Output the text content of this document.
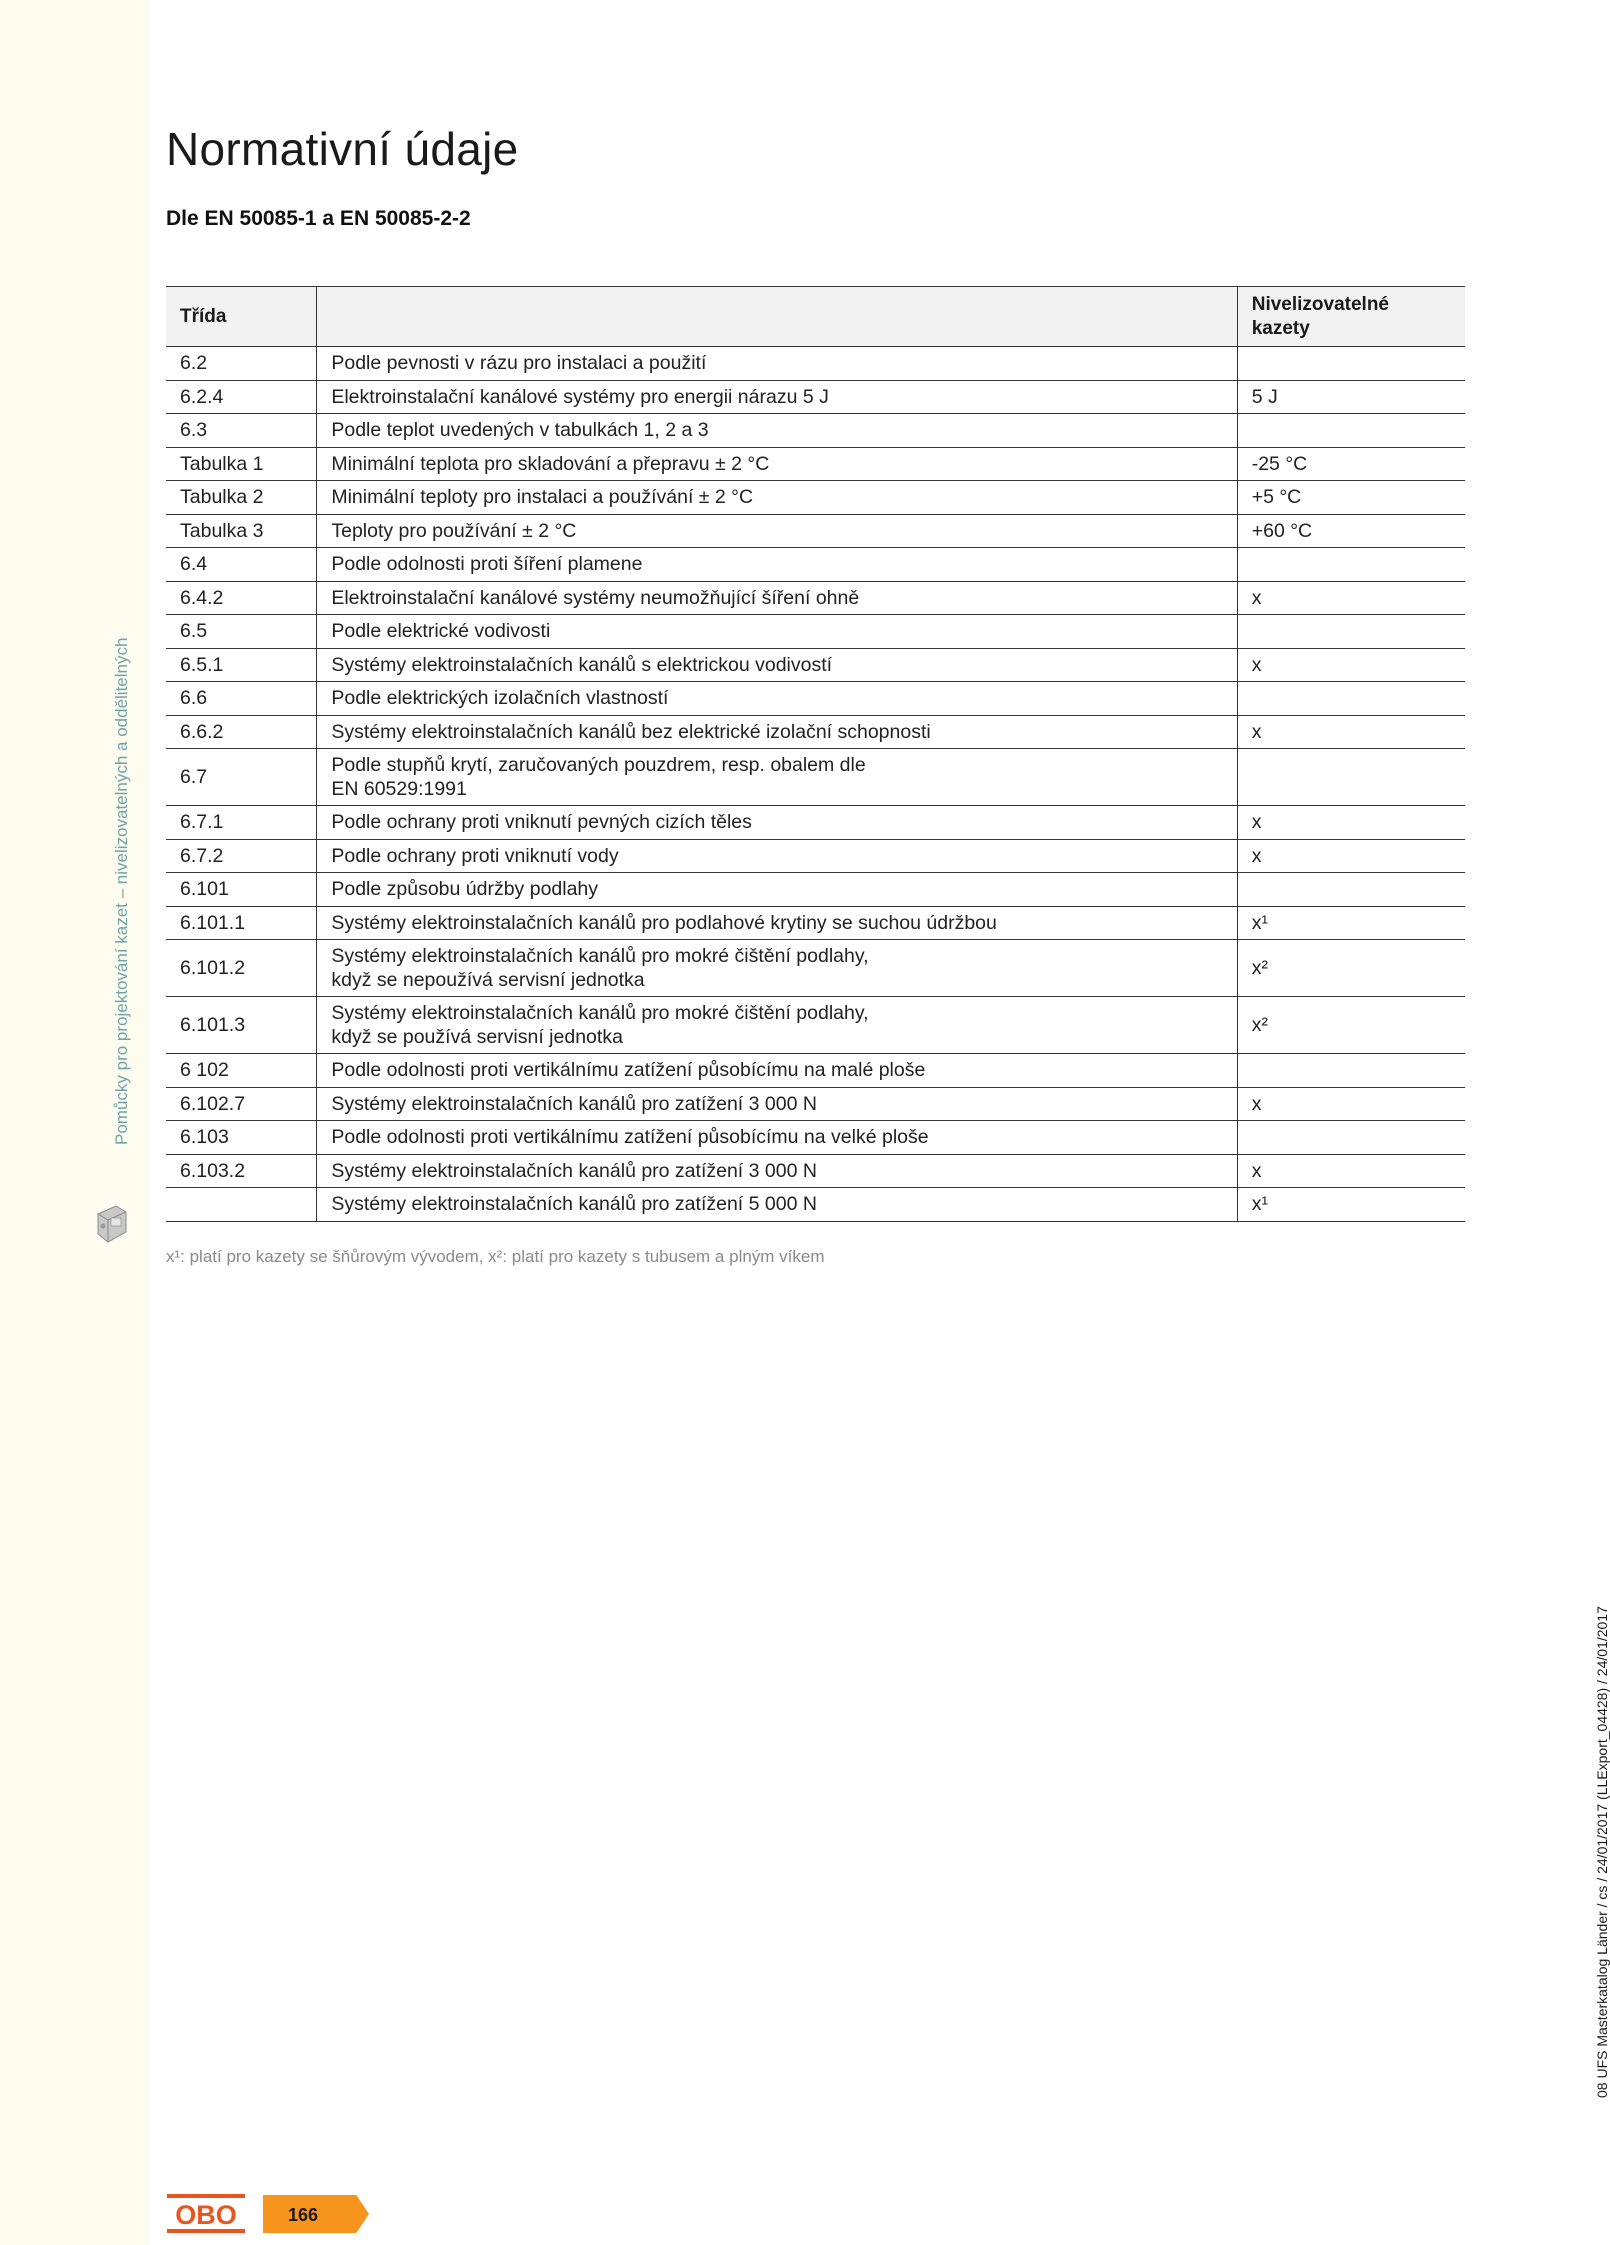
Pomůcky pro projektování kazet – nivelizovatelných a oddělitelných
08 UFS Masterkatalog Länder / cs / 24/01/2017 (LLExport_04428) / 24/01/2017
Normativní údaje
Dle EN 50085-1 a EN 50085-2-2
Třída		Nivelizovatelné kazety
6.2	Podle pevnosti v rázu pro instalaci a použití	
6.2.4	Elektroinstalační kanálové systémy pro energii nárazu 5 J	5 J
6.3	Podle teplot uvedených v tabulkách 1, 2 a 3	
Tabulka 1	Minimální teplota pro skladování a přepravu ± 2 °C	-25 °C
Tabulka 2	Minimální teploty pro instalaci a používání ± 2 °C	+5 °C
Tabulka 3	Teploty pro používání ± 2 °C	+60 °C
6.4	Podle odolnosti proti šíření plamene	
6.4.2	Elektroinstalační kanálové systémy neumožňující šíření ohně	x
6.5	Podle elektrické vodivosti	
6.5.1	Systémy elektroinstalačních kanálů s elektrickou vodivostí	x
6.6	Podle elektrických izolačních vlastností	
6.6.2	Systémy elektroinstalačních kanálů bez elektrické izolační schopnosti	x
6.7	Podle stupňů krytí, zaručovaných pouzdrem, resp. obalem dle
EN 60529:1991	
6.7.1	Podle ochrany proti vniknutí pevných cizích těles	x
6.7.2	Podle ochrany proti vniknutí vody	x
6.101	Podle způsobu údržby podlahy	
6.101.1	Systémy elektroinstalačních kanálů pro podlahové krytiny se suchou údržbou	x¹
6.101.2	Systémy elektroinstalačních kanálů pro mokré čištění podlahy,
když se nepoužívá servisní jednotka	x²
6.101.3	Systémy elektroinstalačních kanálů pro mokré čištění podlahy,
když se používá servisní jednotka	x²
6 102	Podle odolnosti proti vertikálnímu zatížení působícímu na malé ploše	
6.102.7	Systémy elektroinstalačních kanálů pro zatížení 3 000 N	x
6.103	Podle odolnosti proti vertikálnímu zatížení působícímu na velké ploše	
6.103.2	Systémy elektroinstalačních kanálů pro zatížení 3 000 N	x
	Systémy elektroinstalačních kanálů pro zatížení 5 000 N	x¹
x¹: platí pro kazety se šňůrovým vývodem, x²: platí pro kazety s tubusem a plným víkem
OBO	166
